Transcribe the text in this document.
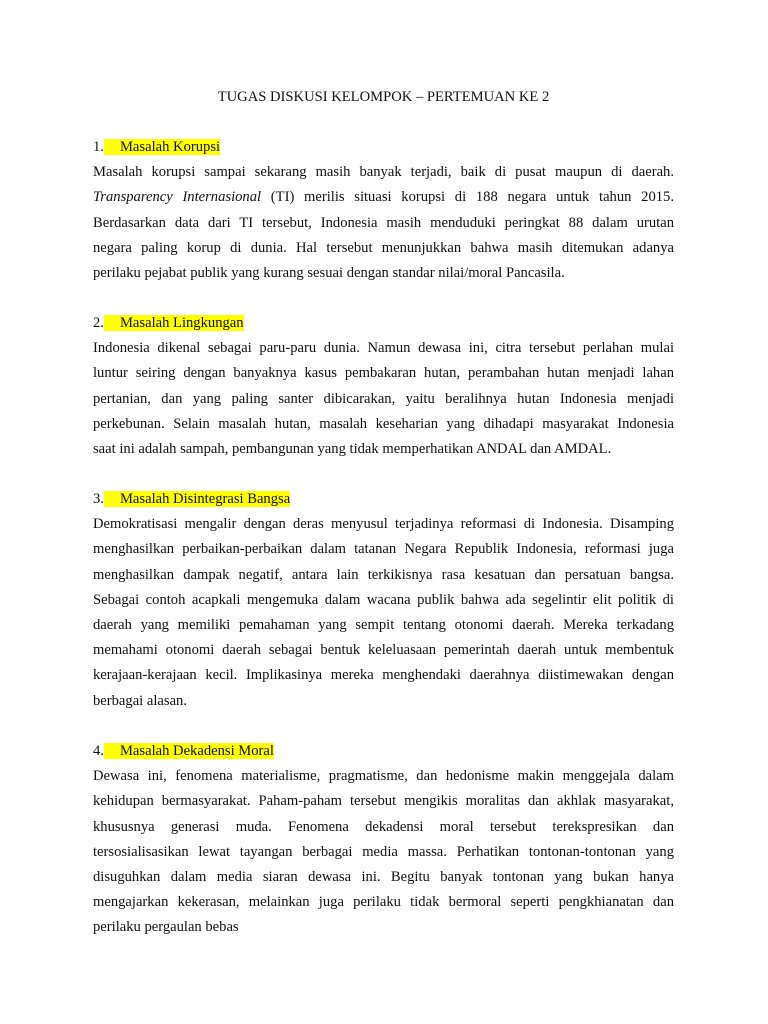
TUGAS DISKUSI KELOMPOK – PERTEMUAN KE 2

1. Masalah Korupsi

Masalah korupsi sampai sekarang masih banyak terjadi, baik di pusat maupun di daerah.
Transparency Internasional (TI) merilis situasi korupsi di 188 negara untuk tahun 2015.
Berdasarkan data dari TI tersebut, Indonesia masih menduduki peringkat 88 dalam urutan
negara paling korup di dunia. Hal tersebut menunjukkan bahwa masih ditemukan adanya
perilaku pejabat publik yang kurang sesuai dengan standar nilai/moral Pancasila.

2. Masalah Lingkungan

Indonesia dikenal sebagai paru-paru dunia. Namun dewasa ini, citra tersebut perlahan mulai
luntur seiring dengan banyaknya kasus pembakaran hutan, perambahan hutan menjadi lahan
pertanian, dan yang paling santer dibicarakan, yaitu beralihnya hutan Indonesia menjadi
perkebunan. Selain masalah hutan, masalah keseharian yang dihadapi masyarakat Indonesia
saat ini adalah sampah, pembangunan yang tidak memperhatikan ANDAL dan AMDAL.

3. Masalah Disintegrasi Bangsa

Demokratisasi mengalir dengan deras menyusul terjadinya reformasi di Indonesia. Disamping
menghasilkan perbaikan-perbaikan dalam tatanan Negara Republik Indonesia, reformasi juga
menghasilkan dampak negatif, antara lain terkikisnya rasa kesatuan dan persatuan bangsa.
Sebagai contoh acapkali mengemuka dalam wacana publik bahwa ada segelintir elit politik di
daerah yang memiliki pemahaman yang sempit tentang otonomi daerah. Mereka terkadang
memahami otonomi daerah sebagai bentuk keleluasaan pemerintah daerah untuk membentuk
kerajaan-kerajaan kecil. Implikasinya mereka menghendaki daerahnya diistimewakan dengan
berbagai alasan.

4. Masalah Dekadensi Moral

Dewasa ini, fenomena materialisme, pragmatisme, dan hedonisme makin menggejala dalam
kehidupan bermasyarakat. Paham-paham tersebut mengikis moralitas dan akhlak masyarakat,
khususnya generasi muda. Fenomena dekadensi moral tersebut terekspresikan dan
tersosialisasikan lewat tayangan berbagai media massa. Perhatikan tontonan-tontonan yang
disuguhkan dalam media siaran dewasa ini. Begitu banyak tontonan yang bukan hanya
mengajarkan kekerasan, melainkan juga perilaku tidak bermoral seperti pengkhianatan dan
perilaku pergaulan bebas
